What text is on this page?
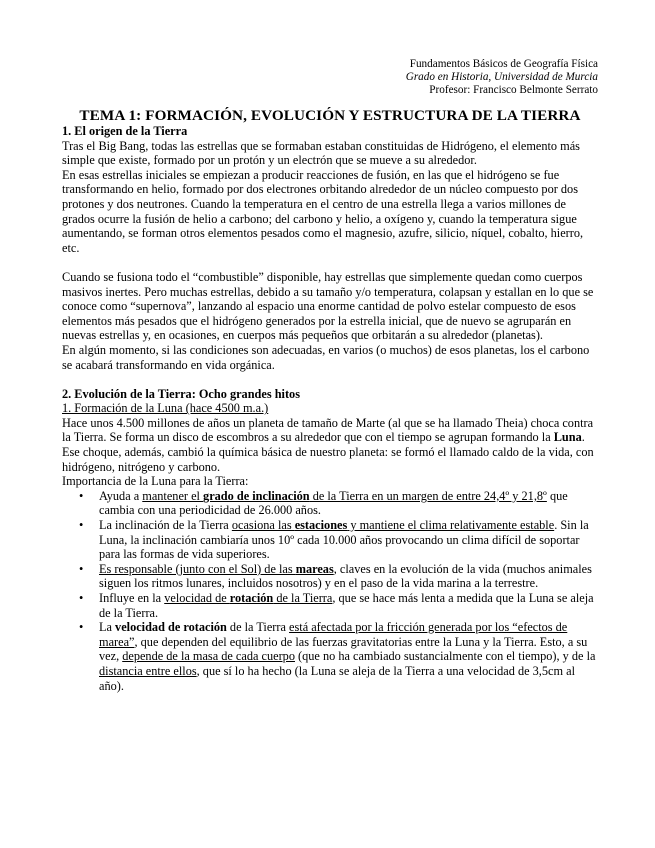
Fundamentos Básicos de Geografía Física
Grado en Historia, Universidad de Murcia
Profesor: Francisco Belmonte Serrato
TEMA 1: FORMACIÓN, EVOLUCIÓN Y ESTRUCTURA DE LA TIERRA
1. El origen de la Tierra

Tras el Big Bang, todas las estrellas que se formaban estaban constituidas de Hidrógeno, el elemento más simple que existe, formado por un protón y un electrón que se mueve a su alrededor.

En esas estrellas iniciales se empiezan a producir reacciones de fusión, en las que el hidrógeno se fue transformando en helio, formado por dos electrones orbitando alrededor de un núcleo compuesto por dos protones y dos neutrones. Cuando la temperatura en el centro de una estrella llega a varios millones de grados ocurre la fusión de helio a carbono; del carbono y helio, a oxígeno y, cuando la temperatura sigue aumentando, se forman otros elementos pesados como el magnesio, azufre, silicio, níquel, cobalto, hierro, etc.

Cuando se fusiona todo el “combustible” disponible, hay estrellas que simplemente quedan como cuerpos masivos inertes. Pero muchas estrellas, debido a su tamaño y/o temperatura, colapsan y estallan en lo que se conoce como “supernova”, lanzando al espacio una enorme cantidad de polvo estelar compuesto de esos elementos más pesados que el hidrógeno generados por la estrella inicial, que de nuevo se agruparán en nuevas estrellas y, en ocasiones, en cuerpos más pequeños que orbitarán a su alrededor (planetas).

En algún momento, si las condiciones son adecuadas, en varios (o muchos) de esos planetas, los el carbono se acabará transformando en vida orgánica.

2. Evolución de la Tierra: Ocho grandes hitos

1. Formación de la Luna (hace 4500 m.a.)

Hace unos 4.500 millones de años un planeta de tamaño de Marte (al que se ha llamado Theia) choca contra la Tierra. Se forma un disco de escombros a su alrededor que con el tiempo se agrupan formando la Luna. Ese choque, además, cambió la química básica de nuestro planeta: se formó el llamado caldo de la vida, con hidrógeno, nitrógeno y carbono.

Importancia de la Luna para la Tierra:

• Ayuda a mantener el grado de inclinación de la Tierra en un margen de entre 24,4º y 21,8º que cambia con una periodicidad de 26.000 años.
• La inclinación de la Tierra ocasiona las estaciones y mantiene el clima relativamente estable. Sin la Luna, la inclinación cambiaría unos 10º cada 10.000 años provocando un clima difícil de soportar para las formas de vida superiores.
• Es responsable (junto con el Sol) de las mareas, claves en la evolución de la vida (muchos animales siguen los ritmos lunares, incluidos nosotros) y en el paso de la vida marina a la terrestre.
• Influye en la velocidad de rotación de la Tierra, que se hace más lenta a medida que la Luna se aleja de la Tierra.
• La velocidad de rotación de la Tierra está afectada por la fricción generada por los “efectos de marea”, que dependen del equilibrio de las fuerzas gravitatorias entre la Luna y la Tierra. Esto, a su vez, depende de la masa de cada cuerpo (que no ha cambiado sustancialmente con el tiempo), y de la distancia entre ellos, que sí lo ha hecho (la Luna se aleja de la Tierra a una velocidad de 3,5cm al año).
